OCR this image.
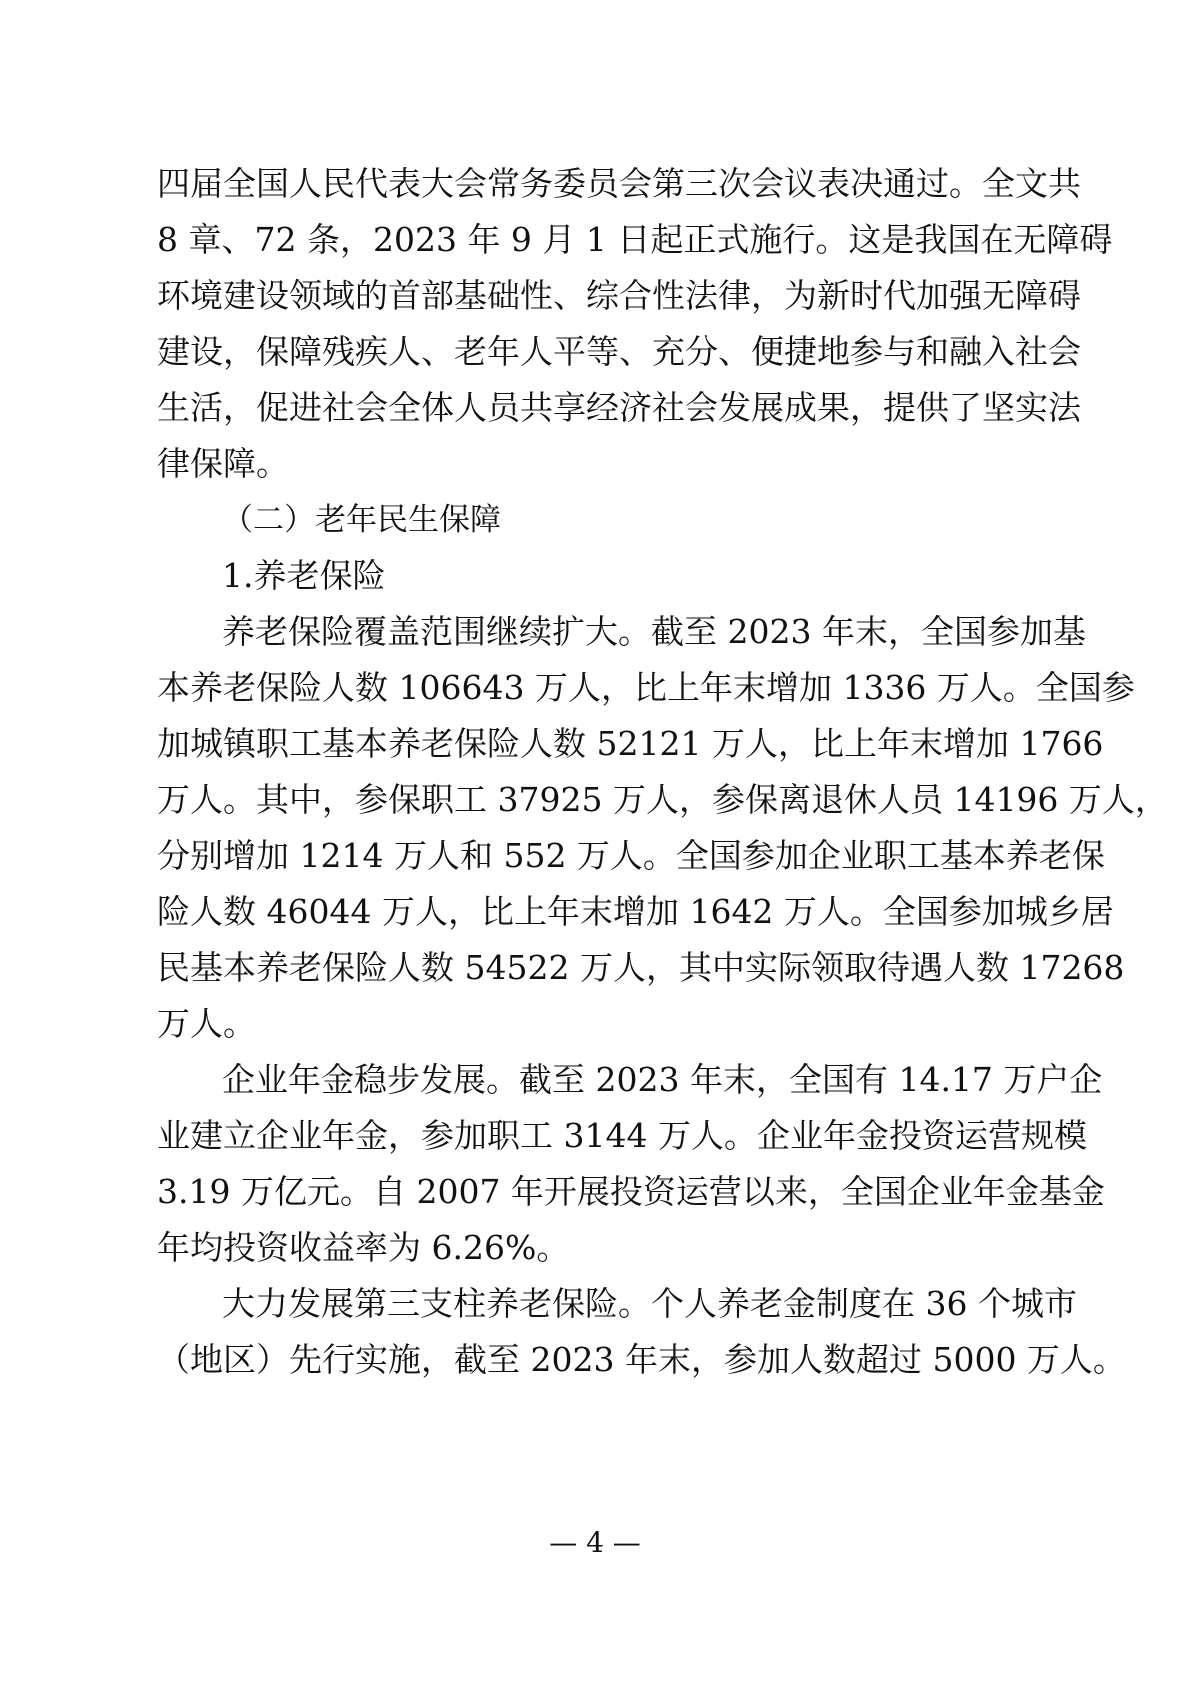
四届全国人民代表大会常务委员会第三次会议表决通过。全文共
8 章、72 条，2023 年 9 月 1 日起正式施行。这是我国在无障碍
环境建设领域的首部基础性、综合性法律，为新时代加强无障碍
建设，保障残疾人、老年人平等、充分、便捷地参与和融入社会
生活，促进社会全体人员共享经济社会发展成果，提供了坚实法
律保障。
（二）老年民生保障
1.养老保险
养老保险覆盖范围继续扩大。截至 2023 年末，全国参加基
本养老保险人数 106643 万人，比上年末增加 1336 万人。全国参
加城镇职工基本养老保险人数 52121 万人，比上年末增加 1766
万人。其中，参保职工 37925 万人，参保离退休人员 14196 万人，
分别增加 1214 万人和 552 万人。全国参加企业职工基本养老保
险人数 46044 万人，比上年末增加 1642 万人。全国参加城乡居
民基本养老保险人数 54522 万人，其中实际领取待遇人数 17268
万人。
企业年金稳步发展。截至 2023 年末，全国有 14.17 万户企
业建立企业年金，参加职工 3144 万人。企业年金投资运营规模
3.19 万亿元。自 2007 年开展投资运营以来，全国企业年金基金
年均投资收益率为 6.26%。
大力发展第三支柱养老保险。个人养老金制度在 36 个城市
（地区）先行实施，截至 2023 年末，参加人数超过 5000 万人。
— 4 —
